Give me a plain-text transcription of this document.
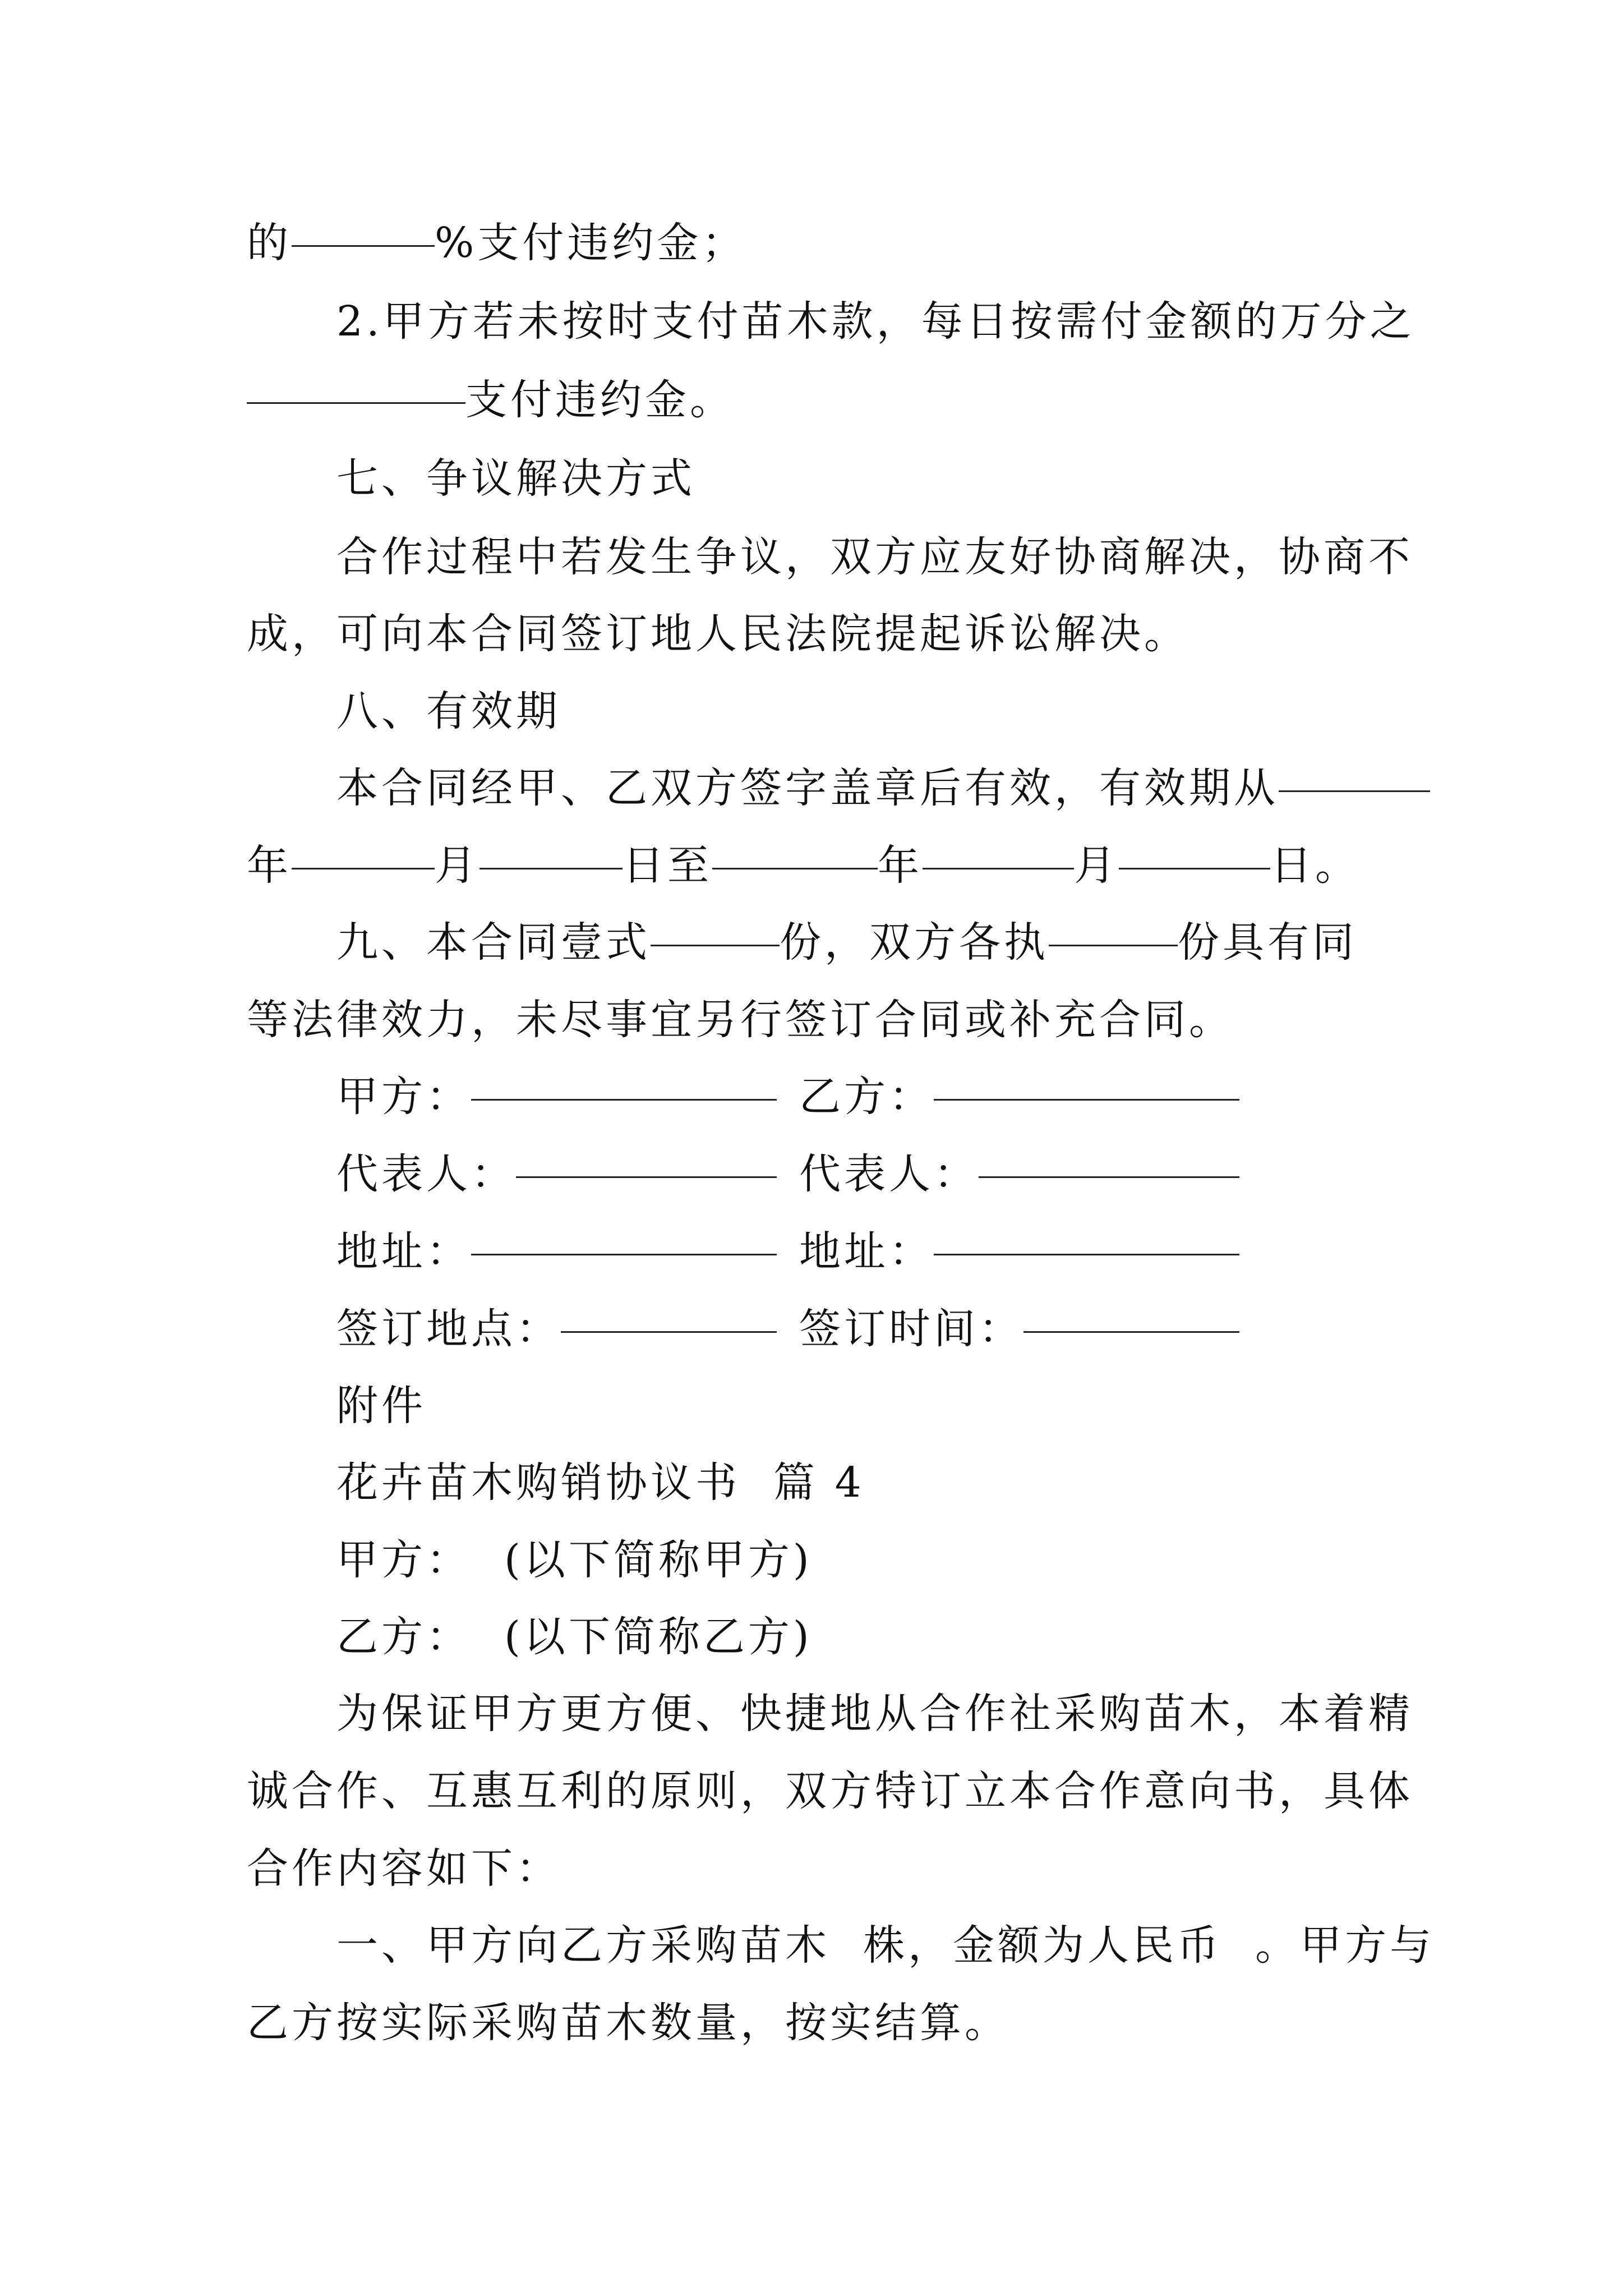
的	%支付违约金；
2.甲方若未按时支付苗木款，每日按需付金额的万分之
支付违约金。
七、争议解决方式
合作过程中若发生争议，双方应友好协商解决，协商不
成，可向本合同签订地人民法院提起诉讼解决。
八、有效期
本合同经甲、乙双方签字盖章后有效，有效期从
年	月	日至	年	月	日。
九、本合同壹式	份，双方各执	份具有同
等法律效力，未尽事宜另行签订合同或补充合同。
甲方：	乙方：
代表人：	代表人：
地址：	地址：
签订地点：	签订时间：
附件
花卉苗木购销协议书  篇 4
甲方：  (以下简称甲方)
乙方：  (以下简称乙方)
为保证甲方更方便、快捷地从合作社采购苗木，本着精
诚合作、互惠互利的原则，双方特订立本合作意向书，具体
合作内容如下：
一、甲方向乙方采购苗木  株，金额为人民币  。甲方与
乙方按实际采购苗木数量，按实结算。
